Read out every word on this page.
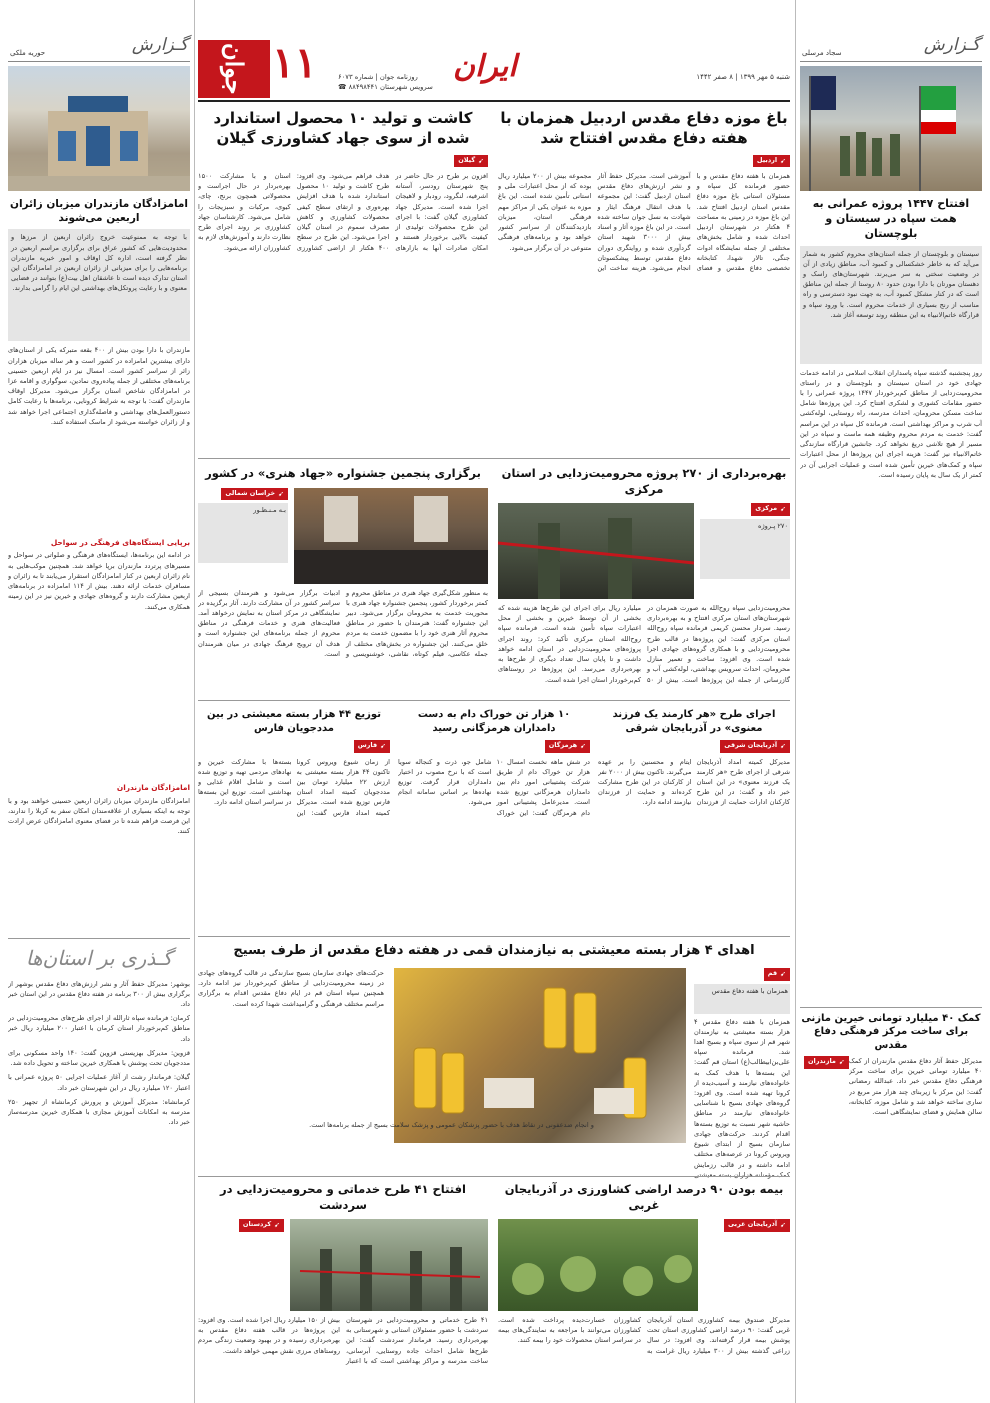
گـزارش
سجاد مرسلی
افتتاح ۱۴۴۷ پروژه عمرانی به همت سپاه در سیستان و بلوچستان
سیستان و بلوچستان از جمله استان‌های محروم کشور به شمار می‌آید که به خاطر خشکسالی و کمبود آب، مناطق زیادی از آن در وضعیت سختی به سر می‌برند. شهرستان‌های راسک و دهستان مورتان با دارا بودن حدود ۸۰ روستا از جمله این مناطق است که در کنار مشکل کمبود آب، به جهت نبود دسترسی و راه مناسب از رنج بسیاری از خدمات محروم است. با ورود سپاه و قرارگاه خاتم‌الانبیاء به این منطقه روند توسعه آغاز شد.
روز پنجشنبه گذشته سپاه پاسداران انقلاب اسلامی در ادامه خدمات جهادی خود در استان سیستان و بلوچستان و در راستای محرومیت‌زدایی از مناطق کم‌برخوردار ۱۴۴۷ پروژه عمرانی را با حضور مقامات کشوری و لشکری افتتاح کرد. این پروژه‌ها شامل ساخت مسکن محرومان، احداث مدرسه، راه روستایی، لوله‌کشی آب شرب و مراکز بهداشتی است. فرمانده کل سپاه در این مراسم گفت: خدمت به مردم محروم وظیفه همه ماست و سپاه در این مسیر از هیچ تلاشی دریغ نخواهد کرد. جانشین قرارگاه سازندگی خاتم‌الانبیاء نیز گفت: هزینه اجرای این پروژه‌ها از محل اعتبارات سپاه و کمک‌های خیرین تأمین شده است و عملیات اجرایی آن در کمتر از یک سال به پایان رسیده است.
کمک ۴۰ میلیارد تومانی خیرین مازنی برای ساخت مرکز فرهنگی دفاع مقدس
➹
مازندران مدیرکل حفظ آثار دفاع مقدس مازندران از کمک ۴۰ میلیارد تومانی خیرین برای ساخت مرکز فرهنگی دفاع مقدس خبر داد. عبدالله رمضانی گفت: این مرکز با زیربنای چند هزار متر مربع در ساری ساخته خواهد شد و شامل موزه، کتابخانه، سالن همایش و فضای نمایشگاهی است.
گـزارش
حوریه ملکی
امامزادگان مازندران میزبان زائران اربعین می‌شوند
با توجه به ممنوعیت خروج زائران اربعین از مرزها و محدودیت‌هایی که کشور عراق برای برگزاری مراسم اربعین در نظر گرفته است، اداره کل اوقاف و امور خیریه مازندران برنامه‌هایی را برای میزبانی از زائران اربعین در امامزادگان این استان تدارک دیده است تا عاشقان اهل بیت(ع) بتوانند در فضایی معنوی و با رعایت پروتکل‌های بهداشتی این ایام را گرامی بدارند.
مازندران با دارا بودن بیش از ۴۰۰ بقعه متبرکه یکی از استان‌های دارای بیشترین امامزاده در کشور است و هر ساله میزبان هزاران زائر از سراسر کشور است. امسال نیز در ایام اربعین حسینی برنامه‌های مختلفی از جمله پیاده‌روی نمادین، سوگواری و اقامه عزا در امامزادگان شاخص استان برگزار می‌شود. مدیرکل اوقاف مازندران گفت: با توجه به شرایط کرونایی، برنامه‌ها با رعایت کامل دستورالعمل‌های بهداشتی و فاصله‌گذاری اجتماعی اجرا خواهد شد و از زائران خواسته می‌شود از ماسک استفاده کنند.
برپایی ایستگاه‌های فرهنگی در سواحل
در ادامه این برنامه‌ها، ایستگاه‌های فرهنگی و صلواتی در سواحل و مسیرهای پرتردد مازندران برپا خواهد شد. همچنین موکب‌هایی به نام زائران اربعین در کنار امامزادگان استقرار می‌یابند تا به زائران و مسافران خدمات ارائه دهند. بیش از ۱۱۴ امامزاده در برنامه‌های اربعین مشارکت دارند و گروه‌های جهادی و خیرین نیز در این زمینه همکاری می‌کنند.
امامزادگان مازندران
امامزادگان مازندران میزبان زائران اربعین حسینی خواهند بود و با توجه به اینکه بسیاری از علاقه‌مندان امکان سفر به کربلا را ندارند، این فرصت فراهم شده تا در فضای معنوی امامزادگان عرض ارادت کنند.
گـذری بر استان‌ها

بوشهر: مدیرکل حفظ آثار و نشر ارزش‌های دفاع مقدس بوشهر از برگزاری بیش از ۳۰۰ برنامه در هفته دفاع مقدس در این استان خبر داد.

کرمان: فرمانده سپاه ثارالله از اجرای طرح‌های محرومیت‌زدایی در مناطق کم‌برخوردار استان کرمان با اعتبار ۲۰۰ میلیارد ریال خبر داد.

قزوین: مدیرکل بهزیستی قزوین گفت: ۱۴۰ واحد مسکونی برای مددجویان تحت پوشش با همکاری خیرین ساخته و تحویل داده شد.

گیلان: فرماندار رشت از آغاز عملیات اجرایی ۵۰ پروژه عمرانی با اعتبار ۱۲۰ میلیارد ریال در این شهرستان خبر داد.

کرمانشاه: مدیرکل آموزش و پرورش کرمانشاه از تجهیز ۲۵۰ مدرسه به امکانات آموزش مجازی با همکاری خیرین مدرسه‌ساز خبر داد.

جوان ۱۱	ایران	شنبه ۵ مهر ۱۳۹۹ | ۸ صفر ۱۴۴۲
روزنامه جوان | شماره ۶۰۷۳
سرویس شهرستان ۸۸۴۹۸۴۴۱ ☎
باغ موزه دفاع مقدس اردبیل همزمان با هفته دفاع مقدس افتتاح شد
➹
اردبیل
همزمان با هفته دفاع مقدس و با حضور فرمانده کل سپاه و مسئولان استانی باغ موزه دفاع مقدس استان اردبیل افتتاح شد. این باغ موزه در زمینی به مساحت ۴ هکتار در شهرستان اردبیل احداث شده و شامل بخش‌های مختلفی از جمله نمایشگاه ادوات جنگی، تالار شهدا، کتابخانه تخصصی دفاع مقدس و فضای آموزشی است. مدیرکل حفظ آثار و نشر ارزش‌های دفاع مقدس استان اردبیل گفت: این مجموعه با هدف انتقال فرهنگ ایثار و شهادت به نسل جوان ساخته شده است. در این باغ موزه آثار و اسناد بیش از ۳۰۰۰ شهید استان گردآوری شده و روایتگری دوران دفاع مقدس توسط پیشکسوتان انجام می‌شود. هزینه ساخت این مجموعه بیش از ۲۰۰ میلیارد ریال بوده که از محل اعتبارات ملی و استانی تأمین شده است. این باغ موزه به عنوان یکی از مراکز مهم فرهنگی استان، میزبان بازدیدکنندگان از سراسر کشور خواهد بود و برنامه‌های فرهنگی متنوعی در آن برگزار می‌شود.
کاشت و تولید ۱۰ محصول استاندارد شده از سوی جهاد کشاورزی گیلان
➹
گیلان
افزون بر طرح در حال حاضر در پنج شهرستان رودسر، آستانه اشرفیه، لنگرود، رودبار و لاهیجان اجرا شده است. مدیرکل جهاد کشاورزی گیلان گفت: با اجرای این طرح محصولات تولیدی از کیفیت بالایی برخوردار هستند و امکان صادرات آنها به بازارهای هدف فراهم می‌شود. وی افزود: طرح کاشت و تولید ۱۰ محصول استاندارد شده با هدف افزایش بهره‌وری و ارتقای سطح کیفی محصولات کشاورزی و کاهش مصرف سموم در استان گیلان اجرا می‌شود. این طرح در سطح ۴۰۰ هکتار از اراضی کشاورزی استان و با مشارکت ۱۵۰۰ بهره‌بردار در حال اجراست و محصولاتی همچون برنج، چای، کیوی، مرکبات و سبزیجات را شامل می‌شود. کارشناسان جهاد کشاورزی بر روند اجرای طرح نظارت دارند و آموزش‌های لازم به کشاورزان ارائه می‌شود.
بهره‌برداری از ۲۷۰ پروژه محرومیت‌زدایی در استان مرکزی
➹
مرکزی
۲۷۰ پـروژه
محرومیت‌زدایی سپاه روح‌الله به صورت همزمان در شهرستان‌های استان مرکزی افتتاح و به بهره‌برداری رسید. سردار محسن کریمی فرمانده سپاه روح‌الله استان مرکزی گفت: این پروژه‌ها در قالب طرح محرومیت‌زدایی و با همکاری گروه‌های جهادی اجرا شده است. وی افزود: ساخت و تعمیر منازل محرومان، احداث سرویس بهداشتی، لوله‌کشی آب و گازرسانی از جمله این پروژه‌ها است. بیش از ۵۰ میلیارد ریال برای اجرای این طرح‌ها هزینه شده که بخشی از آن توسط خیرین و بخشی از محل اعتبارات سپاه تأمین شده است. فرمانده سپاه روح‌الله استان مرکزی تأکید کرد: روند اجرای پروژه‌های محرومیت‌زدایی در استان ادامه خواهد داشت و تا پایان سال تعداد دیگری از طرح‌ها به بهره‌برداری می‌رسد. این پروژه‌ها در روستاهای کم‌برخوردار استان اجرا شده است.
برگزاری پنجمین جشنواره «جهاد هنری» در کشور
➹
خراسان شمالی
بـه مـنـظـور
به منظور شکل‌گیری جهاد هنری در مناطق محروم و کمتر برخوردار کشور، پنجمین جشنواره جهاد هنری با محوریت خدمت به محرومان برگزار می‌شود. دبیر این جشنواره گفت: هنرمندان با حضور در مناطق محروم آثار هنری خود را با مضمون خدمت به مردم خلق می‌کنند. این جشنواره در بخش‌های مختلف از جمله عکاسی، فیلم کوتاه، نقاشی، خوشنویسی و ادبیات برگزار می‌شود و هنرمندان بسیجی از سراسر کشور در آن مشارکت دارند. آثار برگزیده در نمایشگاهی در مرکز استان به نمایش درخواهد آمد. فعالیت‌های هنری و خدمات فرهنگی در مناطق محروم از جمله برنامه‌های این جشنواره است و هدف آن ترویج فرهنگ جهادی در میان هنرمندان است.
اجرای طرح «هر کارمند یک فرزند معنوی» در آذربایجان شرقی
➹
آذربایجان شرقی
مدیرکل کمیته امداد آذربایجان شرقی از اجرای طرح «هر کارمند یک فرزند معنوی» در این استان خبر داد و گفت: در این طرح کارکنان ادارات حمایت از فرزندان ایتام و محسنین را بر عهده می‌گیرند. تاکنون بیش از ۲۰۰۰ نفر از کارکنان در این طرح مشارکت کرده‌اند و حمایت از فرزندان نیازمند ادامه دارد.
۱۰ هزار تن خوراک دام به دست دامداران هرمزگانی رسید
➹
هرمزگان
در شش ماهه نخست امسال ۱۰ هزار تن خوراک دام از طریق شرکت پشتیبانی امور دام بین دامداران هرمزگانی توزیع شده است. مدیرعامل پشتیبانی امور دام هرمزگان گفت: این خوراک شامل جو، ذرت و کنجاله سویا است که با نرخ مصوب در اختیار دامداران قرار گرفت. توزیع نهاده‌ها بر اساس سامانه انجام می‌شود.
توزیع ۴۴ هزار بسته معیشتی در بین مددجویان فارس
➹
فارس
از زمان شیوع ویروس کرونا تاکنون ۴۴ هزار بسته معیشتی به ارزش ۲۲ میلیارد تومان بین مددجویان کمیته امداد استان فارس توزیع شده است. مدیرکل کمیته امداد فارس گفت: این بسته‌ها با مشارکت خیرین و نهادهای مردمی تهیه و توزیع شده است و شامل اقلام غذایی و بهداشتی است. توزیع این بسته‌ها در سراسر استان ادامه دارد.
اهدای ۴ هزار بسته معیشتی به نیازمندان قمی در هفته دفاع مقدس از طرف بسیج
➹
قم
همزمان با هفته دفاع مقدس
همزمان با هفته دفاع مقدس ۴ هزار بسته معیشتی به نیازمندان شهر قم از سوی سپاه و بسیج اهدا شد. فرمانده سپاه علی‌بن‌ابیطالب(ع) استان قم گفت: این بسته‌ها با هدف کمک به خانواده‌های نیازمند و آسیب‌دیده از کرونا تهیه شده است. وی افزود: گروه‌های جهادی بسیج با شناسایی خانواده‌های نیازمند در مناطق حاشیه شهر نسبت به توزیع بسته‌ها اقدام کردند. حرکت‌های جهادی سازمان بسیج از ابتدای شیوع ویروس کرونا در عرصه‌های مختلف ادامه داشته و در قالب رزمایش کمک مؤمنانه هزاران بسته معیشتی
حرکت‌های جهادی سازمان بسیج سازندگی در قالب گروه‌های جهادی در زمینه محرومیت‌زدایی از مناطق کم‌برخوردار نیز ادامه دارد. همچنین سپاه استان قم در ایام دفاع مقدس اقدام به برگزاری مراسم مختلف فرهنگی و گرامیداشت شهدا کرده است.
و انجام ضدعفونی در نقاط هدف با حضور پزشکان عمومی و پزشک سلامت بسیج از جمله برنامه‌ها است.
بیمه بودن ۹۰ درصد اراضی کشاورزی در آذربایجان غربی
➹
آذربایجان غربی
مدیرکل صندوق بیمه کشاورزی استان آذربایجان غربی گفت: ۹۰ درصد اراضی کشاورزی استان تحت پوشش بیمه قرار گرفته‌اند. وی افزود: در سال زراعی گذشته بیش از ۳۰۰ میلیارد ریال غرامت به کشاورزان خسارت‌دیده پرداخت شده است. کشاورزان می‌توانند با مراجعه به نمایندگی‌های بیمه در سراسر استان محصولات خود را بیمه کنند.
افتتاح ۴۱ طرح خدماتی و محرومیت‌زدایی در سردشت
➹
کردستان
۴۱ طرح خدماتی و محرومیت‌زدایی در شهرستان سردشت با حضور مسئولان استانی و شهرستانی به بهره‌برداری رسید. فرماندار سردشت گفت: این طرح‌ها شامل احداث جاده روستایی، آبرسانی، ساخت مدرسه و مراکز بهداشتی است که با اعتبار بیش از ۱۵۰ میلیارد ریال اجرا شده است. وی افزود: این پروژه‌ها در قالب هفته دفاع مقدس به بهره‌برداری رسیده و در بهبود وضعیت زندگی مردم روستاهای مرزی نقش مهمی خواهد داشت.
